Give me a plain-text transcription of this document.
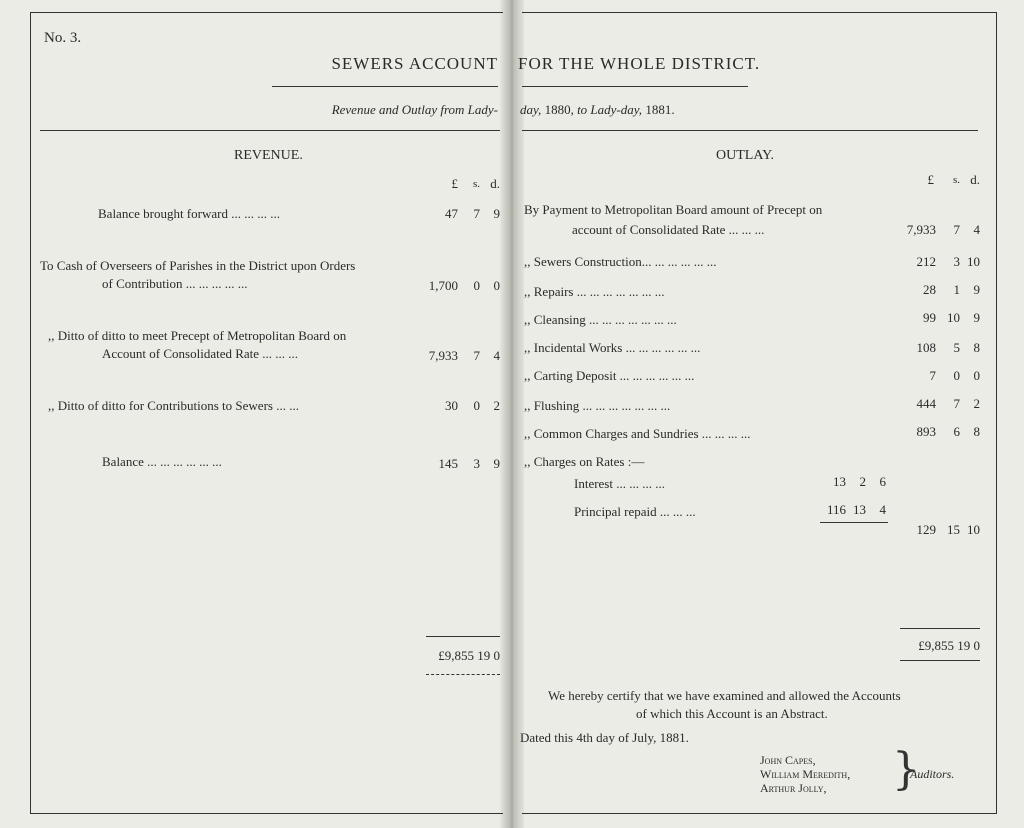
No. 3.
SEWERS ACCOUNT FOR THE WHOLE DISTRICT.
Revenue and Outlay from Lady- day, 1880, to Lady-day, 1881.
REVENUE.
£	s. d.
Balance brought forward ... ... ... ...	47	7	9
To Cash of Overseers of Parishes in the District upon Orders
of Contribution ... ... ... ... ...	1,700	0	0
,, Ditto of ditto to meet Precept of Metropolitan Board on
Account of Consolidated Rate ... ... ...	7,933	7	4
,, Ditto of ditto for Contributions to Sewers ... ...	30	0	2
Balance ... ... ... ... ... ...	145	3	9
£9,855 19 0
OUTLAY.
£	s. d.
By Payment to Metropolitan Board amount of Precept on
account of Consolidated Rate ... ... ...	7,933	7	4
,, Sewers Construction... ... ... ... ... ...	212	3 10
,, Repairs ... ... ... ... ... ... ...	28	1	9
,, Cleansing ... ... ... ... ... ... ...	99 10	9
,, Incidental Works ... ... ... ... ... ...	108	5	8
,, Carting Deposit ... ... ... ... ... ...	7	0	0
,, Flushing ... ... ... ... ... ... ...	444	7	2
,, Common Charges and Sundries ... ... ... ...	893	6	8
,, Charges on Rates :—
Interest ... ... ... ...	13	2	6
Principal repaid ... ... ...	116 13	4
129 15 10
£9,855 19 0
We hereby certify that we have examined and allowed the Accounts
of which this Account is an Abstract.
Dated this 4th day of July, 1881.
John Capes,
William Meredith,
Arthur Jolly, }
Auditors.
